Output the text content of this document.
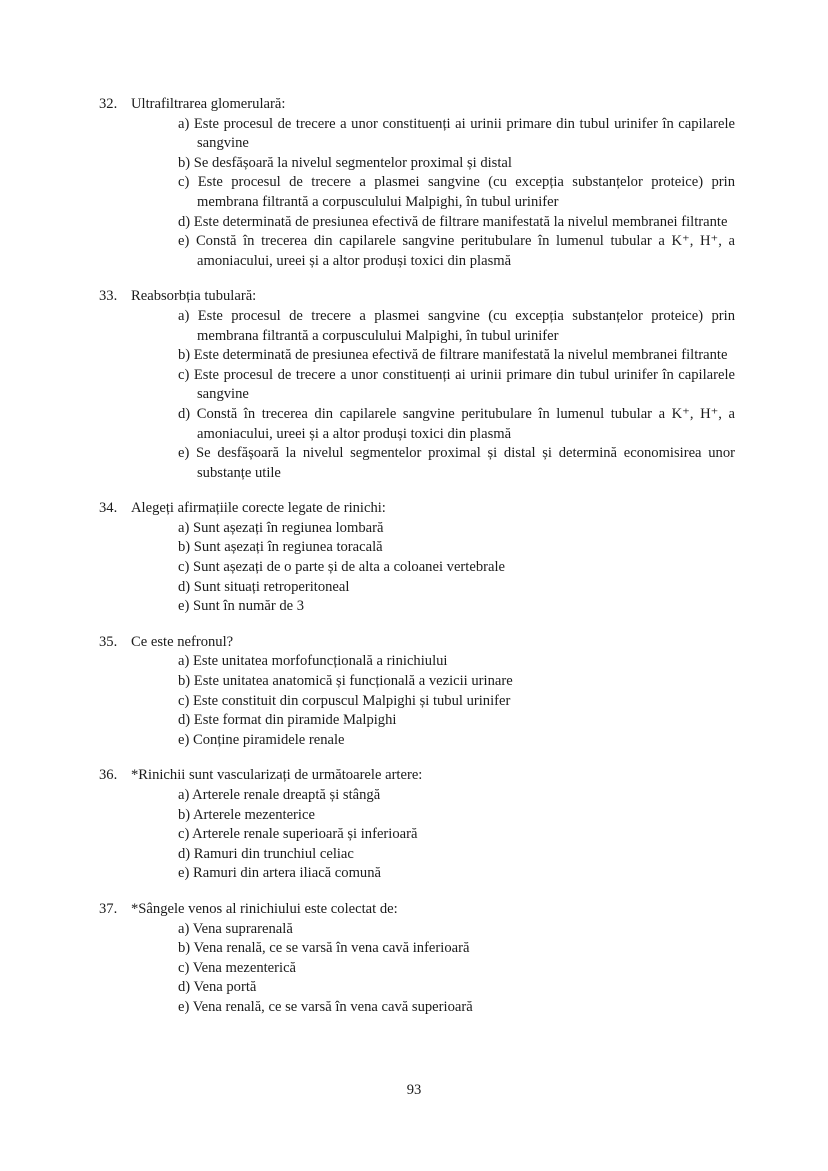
32. Ultrafiltrarea glomerulară:

a) Este procesul de trecere a unor constituenți ai urinii primare din tubul urinifer în capilarele sangvine

b) Se desfășoară la nivelul segmentelor proximal și distal

c) Este procesul de trecere a plasmei sangvine (cu excepția substanțelor proteice) prin membrana filtrantă a corpusculului Malpighi, în tubul urinifer

d) Este determinată de presiunea efectivă de filtrare manifestată la nivelul membranei filtrante

e) Constă în trecerea din capilarele sangvine peritubulare în lumenul tubular a K⁺, H⁺, a amoniacului, ureei și a altor produși toxici din plasmă

33. Reabsorbția tubulară:

a) Este procesul de trecere a plasmei sangvine (cu excepția substanțelor proteice) prin membrana filtrantă a corpusculului Malpighi, în tubul urinifer

b) Este determinată de presiunea efectivă de filtrare manifestată la nivelul membranei filtrante

c) Este procesul de trecere a unor constituenți ai urinii primare din tubul urinifer în capilarele sangvine

d) Constă în trecerea din capilarele sangvine peritubulare în lumenul tubular a K⁺, H⁺, a amoniacului, ureei și a altor produși toxici din plasmă

e) Se desfășoară la nivelul segmentelor proximal și distal și determină economisirea unor substanțe utile

34. Alegeți afirmațiile corecte legate de rinichi:

a) Sunt așezați în regiunea lombară

b) Sunt așezați în regiunea toracală

c) Sunt așezați de o parte și de alta a coloanei vertebrale

d) Sunt situați retroperitoneal

e) Sunt în număr de 3

35. Ce este nefronul?

a) Este unitatea morfofuncțională a rinichiului

b) Este unitatea anatomică și funcțională a vezicii urinare

c) Este constituit din corpuscul Malpighi și tubul urinifer

d) Este format din piramide Malpighi

e) Conține piramidele renale

36. *Rinichii sunt vascularizați de următoarele artere:

a) Arterele renale dreaptă și stângă

b) Arterele mezenterice

c) Arterele renale superioară și inferioară

d) Ramuri din trunchiul celiac

e) Ramuri din artera iliacă comună

37. *Sângele venos al rinichiului este colectat de:

a) Vena suprarenală

b) Vena renală, ce se varsă în vena cavă inferioară

c) Vena mezenterică

d) Vena portă

e) Vena renală, ce se varsă în vena cavă superioară

93
